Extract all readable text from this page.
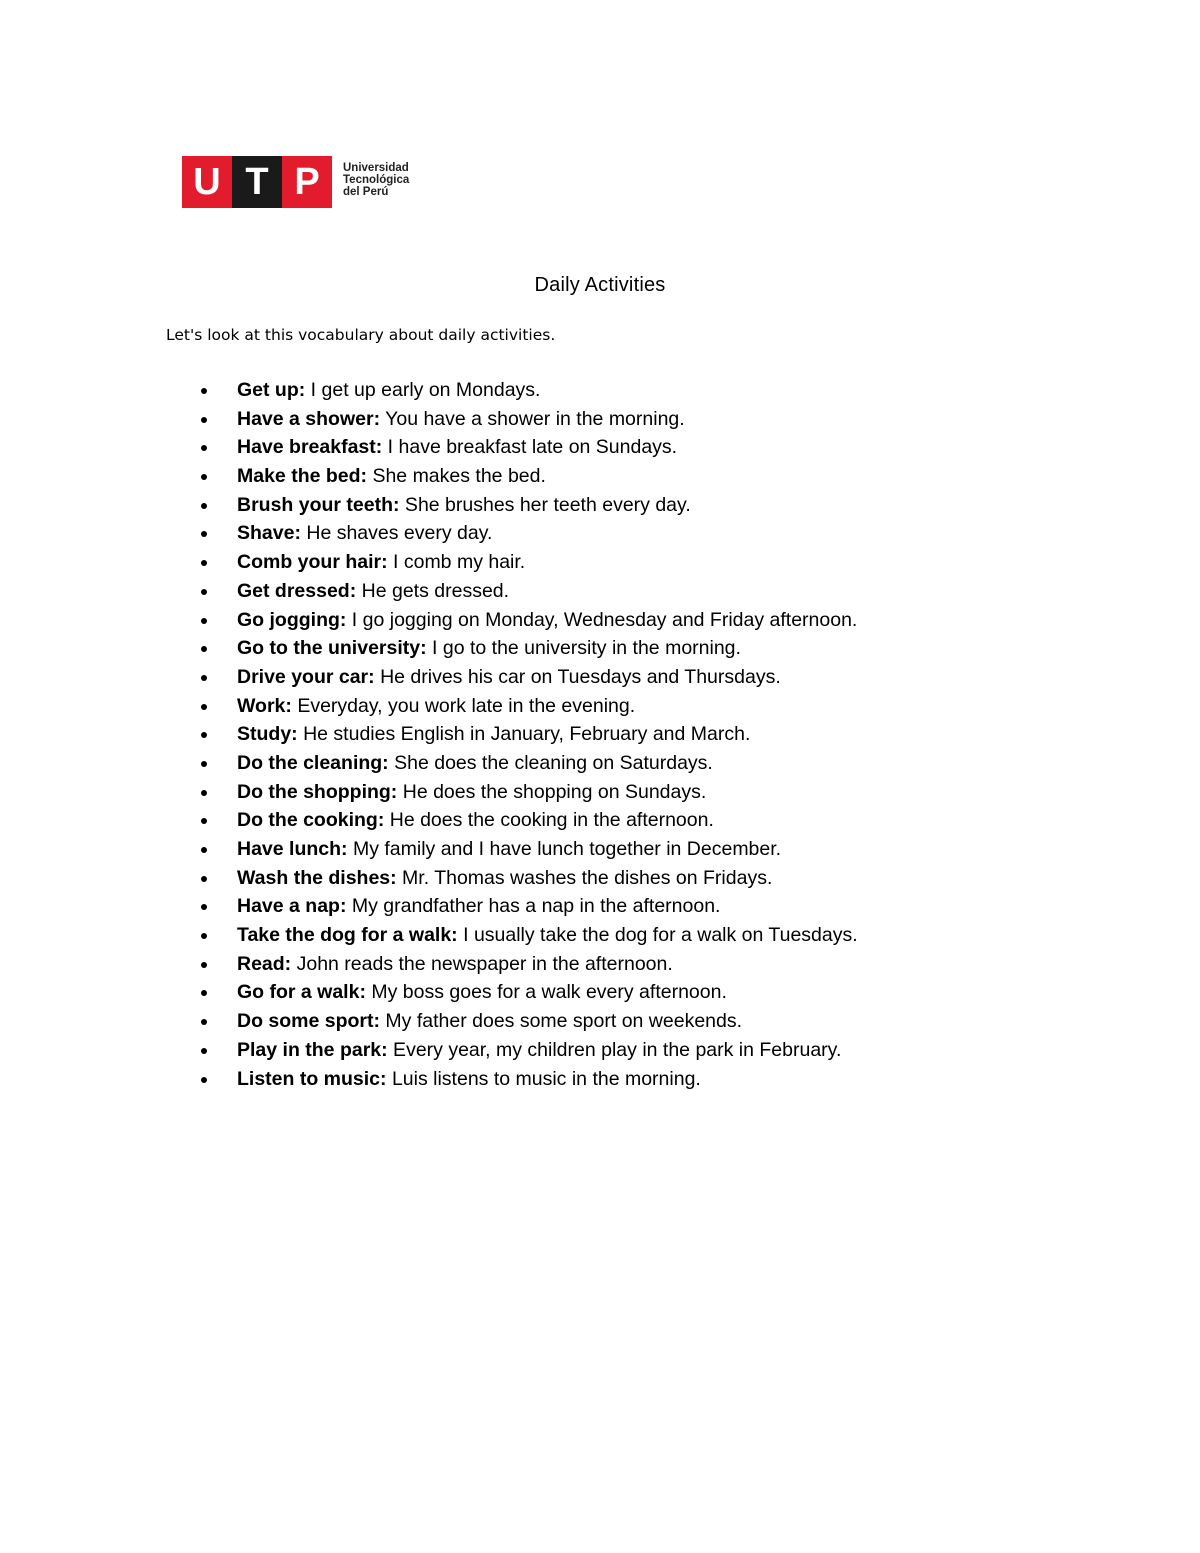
U T P	Universidad
Tecnológica
del Perú
Daily Activities
Let's look at this vocabulary about daily activities.
Get up: I get up early on Mondays.
Have a shower: You have a shower in the morning.
Have breakfast: I have breakfast late on Sundays.
Make the bed: She makes the bed.
Brush your teeth: She brushes her teeth every day.
Shave: He shaves every day.
Comb your hair: I comb my hair.
Get dressed: He gets dressed.
Go jogging: I go jogging on Monday, Wednesday and Friday afternoon.
Go to the university: I go to the university in the morning.
Drive your car: He drives his car on Tuesdays and Thursdays.
Work: Everyday, you work late in the evening.
Study: He studies English in January, February and March.
Do the cleaning: She does the cleaning on Saturdays.
Do the shopping: He does the shopping on Sundays.
Do the cooking: He does the cooking in the afternoon.
Have lunch: My family and I have lunch together in December.
Wash the dishes: Mr. Thomas washes the dishes on Fridays.
Have a nap: My grandfather has a nap in the afternoon.
Take the dog for a walk: I usually take the dog for a walk on Tuesdays.
Read: John reads the newspaper in the afternoon.
Go for a walk: My boss goes for a walk every afternoon.
Do some sport: My father does some sport on weekends.
Play in the park: Every year, my children play in the park in February.
Listen to music: Luis listens to music in the morning.
